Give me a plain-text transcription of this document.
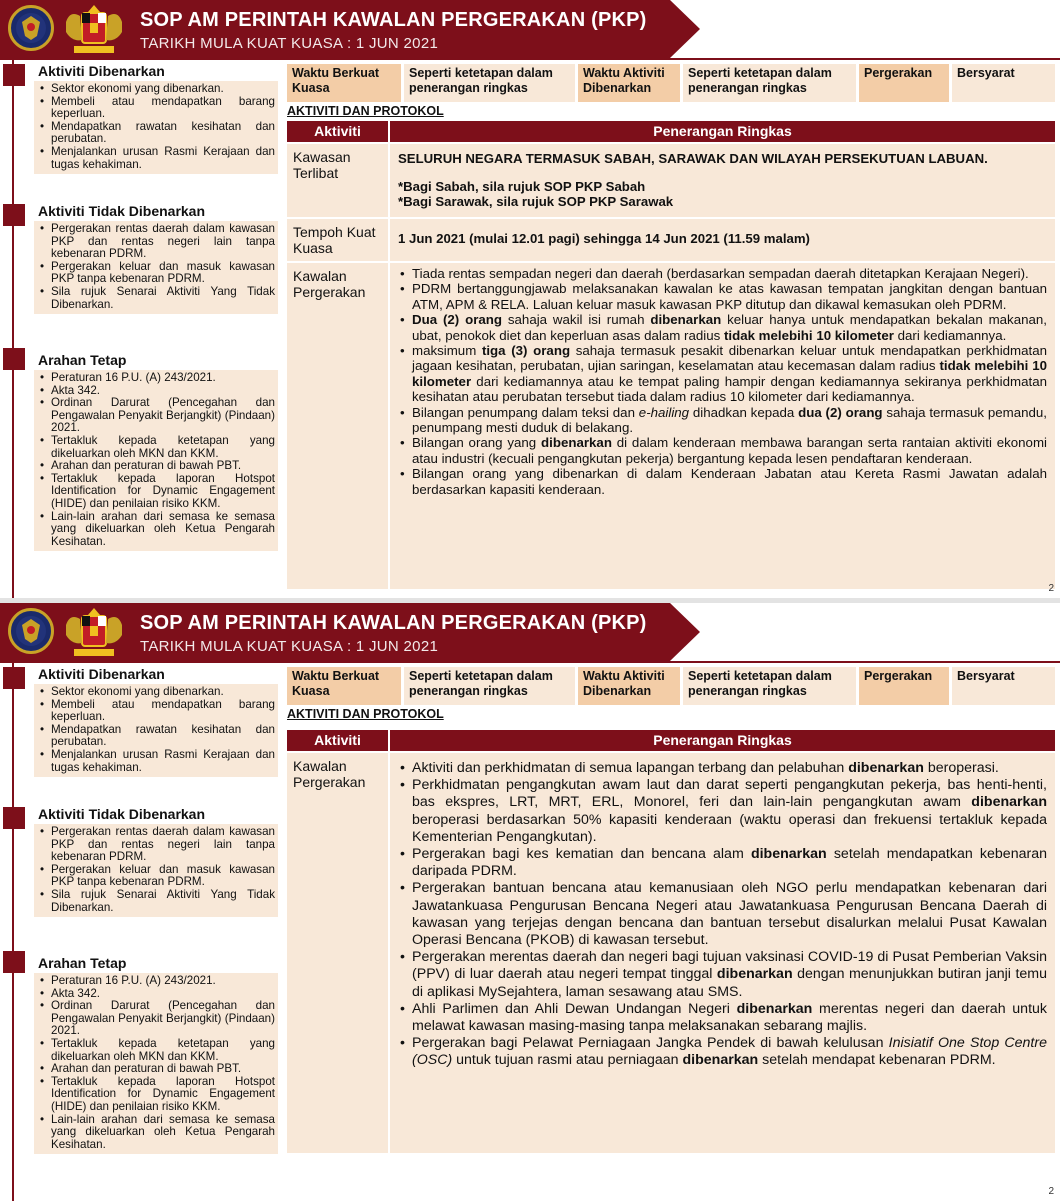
SOP AM PERINTAH KAWALAN PERGERAKAN (PKP)
TARIKH MULA KUAT KUASA : 1 JUN 2021
Aktiviti Dibenarkan
• Sektor ekonomi yang dibenarkan.
• Membeli atau mendapatkan barang keperluan.
• Mendapatkan rawatan kesihatan dan perubatan.
• Menjalankan urusan Rasmi Kerajaan dan tugas kehakiman.
Aktiviti Tidak Dibenarkan
• Pergerakan rentas daerah dalam kawasan PKP dan rentas negeri lain tanpa kebenaran PDRM.
• Pergerakan keluar dan masuk kawasan PKP tanpa kebenaran PDRM.
• Sila rujuk Senarai Aktiviti Yang Tidak Dibenarkan.
Arahan Tetap
• Peraturan 16 P.U. (A) 243/2021.
• Akta 342.
• Ordinan Darurat (Pencegahan dan Pengawalan Penyakit Berjangkit) (Pindaan) 2021.
• Tertakluk kepada ketetapan yang dikeluarkan oleh MKN dan KKM.
• Arahan dan peraturan di bawah PBT.
• Tertakluk kepada laporan Hotspot Identification for Dynamic Engagement (HIDE) dan penilaian risiko KKM.
• Lain-lain arahan dari semasa ke semasa yang dikeluarkan oleh Ketua Pengarah Kesihatan.
Waktu Berkuat Kuasa
Seperti ketetapan dalam penerangan ringkas
Waktu Aktiviti Dibenarkan
Seperti ketetapan dalam penerangan ringkas
Pergerakan	Bersyarat
AKTIVITI DAN PROTOKOL
Aktiviti	Penerangan Ringkas
Kawasan Terlibat
SELURUH NEGARA TERMASUK SABAH, SARAWAK DAN WILAYAH PERSEKUTUAN LABUAN.
*Bagi Sabah, sila rujuk SOP PKP Sabah
*Bagi Sarawak, sila rujuk SOP PKP Sarawak
Tempoh Kuat Kuasa
1 Jun 2021 (mulai 12.01 pagi) sehingga 14 Jun 2021 (11.59 malam)
Kawalan Pergerakan
• Tiada rentas sempadan negeri dan daerah (berdasarkan sempadan daerah ditetapkan Kerajaan Negeri).
• PDRM bertanggungjawab melaksanakan kawalan ke atas kawasan tempatan jangkitan dengan bantuan ATM, APM & RELA. Laluan keluar masuk kawasan PKP ditutup dan dikawal kemasukan oleh PDRM.
• Dua (2) orang sahaja wakil isi rumah dibenarkan keluar hanya untuk mendapatkan bekalan makanan, ubat, penokok diet dan keperluan asas dalam radius tidak melebihi 10 kilometer dari kediamannya.
• maksimum tiga (3) orang sahaja termasuk pesakit dibenarkan keluar untuk mendapatkan perkhidmatan jagaan kesihatan, perubatan, ujian saringan, keselamatan atau kecemasan dalam radius tidak melebihi 10 kilometer dari kediamannya atau ke tempat paling hampir dengan kediamannya sekiranya perkhidmatan kesihatan atau perubatan tersebut tiada dalam radius 10 kilometer dari kediamannya.
• Bilangan penumpang dalam teksi dan e-hailing dihadkan kepada dua (2) orang sahaja termasuk pemandu, penumpang mesti duduk di belakang.
• Bilangan orang yang dibenarkan di dalam kenderaan membawa barangan serta rantaian aktiviti ekonomi atau industri (kecuali pengangkutan pekerja) bergantung kepada lesen pendaftaran kenderaan.
• Bilangan orang yang dibenarkan di dalam Kenderaan Jabatan atau Kereta Rasmi Jawatan adalah berdasarkan kapasiti kenderaan.
2
SOP AM PERINTAH KAWALAN PERGERAKAN (PKP)
TARIKH MULA KUAT KUASA : 1 JUN 2021
Aktiviti Dibenarkan
• Sektor ekonomi yang dibenarkan.
• Membeli atau mendapatkan barang keperluan.
• Mendapatkan rawatan kesihatan dan perubatan.
• Menjalankan urusan Rasmi Kerajaan dan tugas kehakiman.
Aktiviti Tidak Dibenarkan
• Pergerakan rentas daerah dalam kawasan PKP dan rentas negeri lain tanpa kebenaran PDRM.
• Pergerakan keluar dan masuk kawasan PKP tanpa kebenaran PDRM.
• Sila rujuk Senarai Aktiviti Yang Tidak Dibenarkan.
Arahan Tetap
• Peraturan 16 P.U. (A) 243/2021.
• Akta 342.
• Ordinan Darurat (Pencegahan dan Pengawalan Penyakit Berjangkit) (Pindaan) 2021.
• Tertakluk kepada ketetapan yang dikeluarkan oleh MKN dan KKM.
• Arahan dan peraturan di bawah PBT.
• Tertakluk kepada laporan Hotspot Identification for Dynamic Engagement (HIDE) dan penilaian risiko KKM.
• Lain-lain arahan dari semasa ke semasa yang dikeluarkan oleh Ketua Pengarah Kesihatan.
Waktu Berkuat Kuasa
Seperti ketetapan dalam penerangan ringkas
Waktu Aktiviti Dibenarkan
Seperti ketetapan dalam penerangan ringkas
Pergerakan	Bersyarat
AKTIVITI DAN PROTOKOL
Aktiviti	Penerangan Ringkas
Kawalan Pergerakan
• Aktiviti dan perkhidmatan di semua lapangan terbang dan pelabuhan dibenarkan beroperasi.
• Perkhidmatan pengangkutan awam laut dan darat seperti pengangkutan pekerja, bas henti-henti, bas ekspres, LRT, MRT, ERL, Monorel, feri dan lain-lain pengangkutan awam dibenarkan beroperasi berdasarkan 50% kapasiti kenderaan (waktu operasi dan frekuensi tertakluk kepada Kementerian Pengangkutan).
• Pergerakan bagi kes kematian dan bencana alam dibenarkan setelah mendapatkan kebenaran daripada PDRM.
• Pergerakan bantuan bencana atau kemanusiaan oleh NGO perlu mendapatkan kebenaran dari Jawatankuasa Pengurusan Bencana Negeri atau Jawatankuasa Pengurusan Bencana Daerah di kawasan yang terjejas dengan bencana dan bantuan tersebut disalurkan melalui Pusat Kawalan Operasi Bencana (PKOB) di kawasan tersebut.
• Pergerakan merentas daerah dan negeri bagi tujuan vaksinasi COVID-19 di Pusat Pemberian Vaksin (PPV) di luar daerah atau negeri tempat tinggal dibenarkan dengan menunjukkan butiran janji temu di aplikasi MySejahtera, laman sesawang atau SMS.
• Ahli Parlimen dan Ahli Dewan Undangan Negeri dibenarkan merentas negeri dan daerah untuk melawat kawasan masing-masing tanpa melaksanakan sebarang majlis.
• Pergerakan bagi Pelawat Perniagaan Jangka Pendek di bawah kelulusan Inisiatif One Stop Centre (OSC) untuk tujuan rasmi atau perniagaan dibenarkan setelah mendapat kebenaran PDRM.
2
